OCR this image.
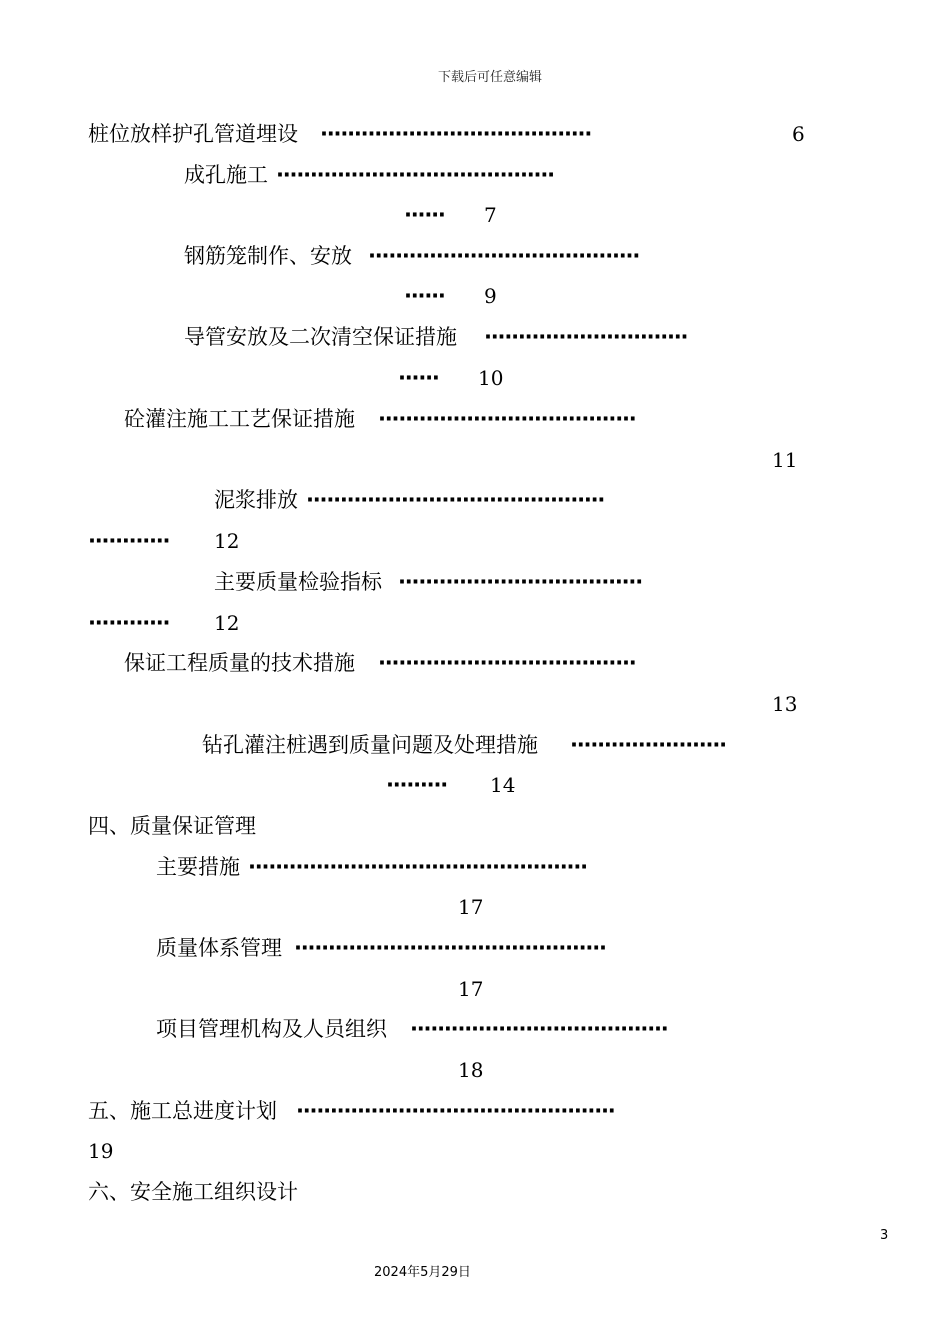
下载后可任意编辑
桩位放样护孔管道埋设 ········································	6
成孔施工 ·········································
······ 7
钢筋笼制作、安放 ········································
······ 9
导管安放及二次清空保证措施 ······························
······ 10
砼灌注施工工艺保证措施 ······································
11
泥浆排放 ············································
············ 12
主要质量检验指标 ····································
············ 12
保证工程质量的技术措施 ······································
13
钻孔灌注桩遇到质量问题及处理措施 ·······················
········· 14
四、质量保证管理
主要措施 ··················································
17
质量体系管理 ··············································
17
项目管理机构及人员组织 ······································
18
五、施工总进度计划 ···············································
19
六、安全施工组织设计
3
2024年5月29日
